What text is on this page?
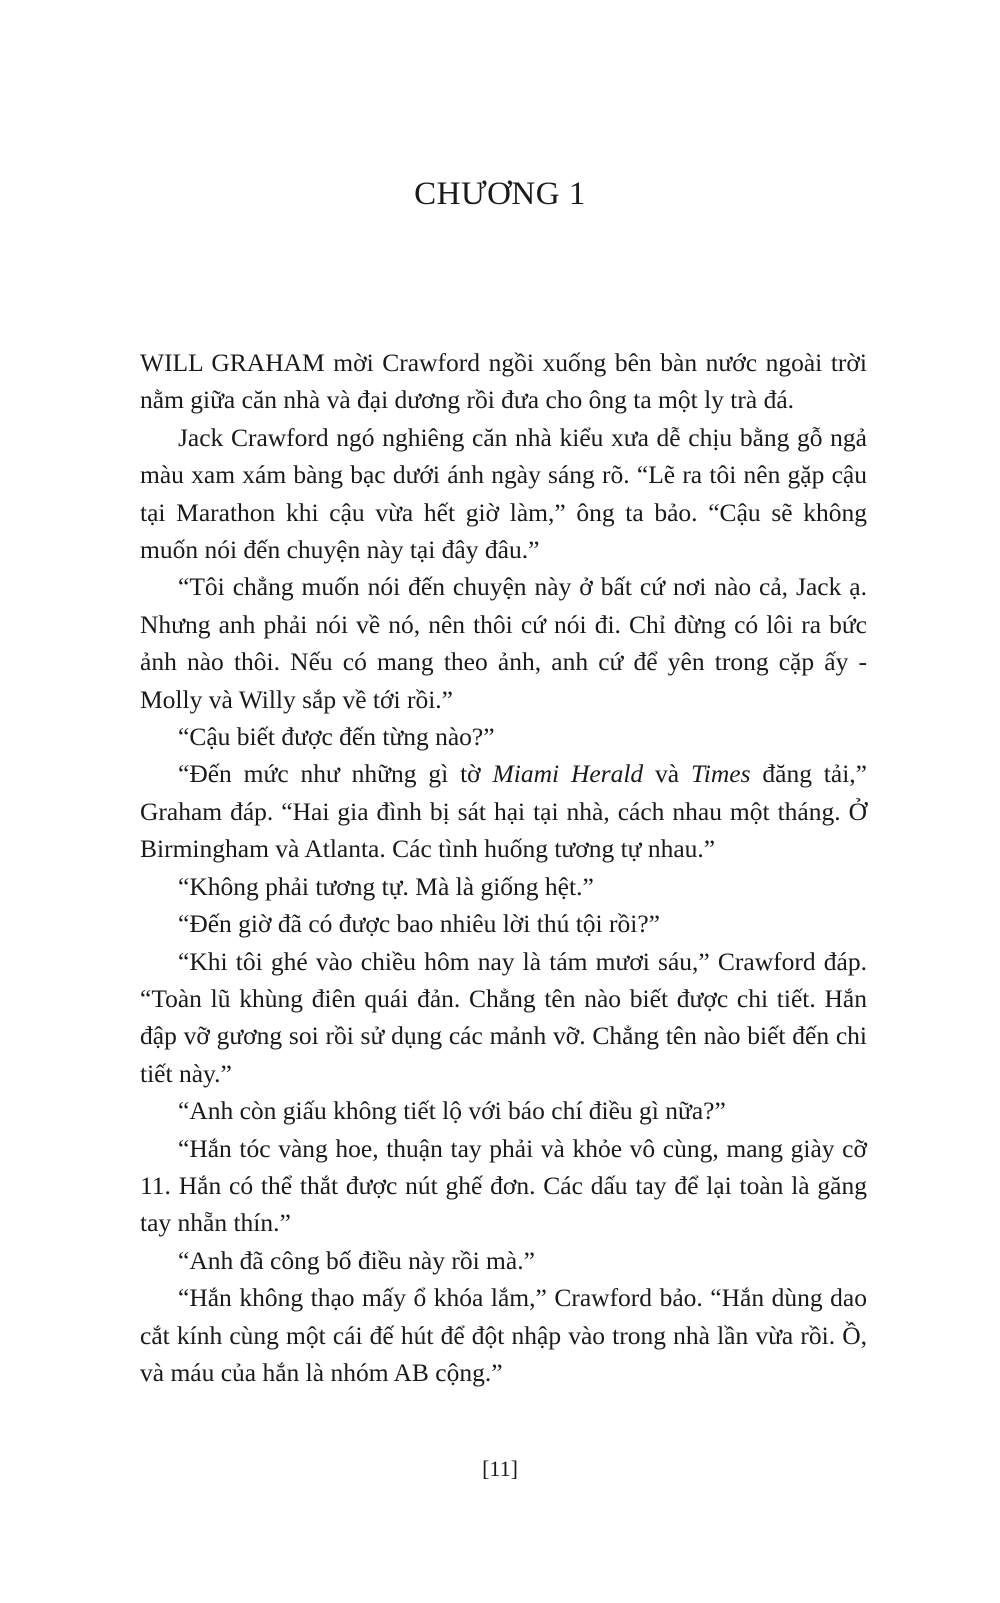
CHƯƠNG 1

WILL GRAHAM mời Crawford ngồi xuống bên bàn nước ngoài trời nằm giữa căn nhà và đại dương rồi đưa cho ông ta một ly trà đá.

Jack Crawford ngó nghiêng căn nhà kiểu xưa dễ chịu bằng gỗ ngả màu xam xám bàng bạc dưới ánh ngày sáng rõ. “Lẽ ra tôi nên gặp cậu tại Marathon khi cậu vừa hết giờ làm,” ông ta bảo. “Cậu sẽ không muốn nói đến chuyện này tại đây đâu.”

“Tôi chẳng muốn nói đến chuyện này ở bất cứ nơi nào cả, Jack ạ. Nhưng anh phải nói về nó, nên thôi cứ nói đi. Chỉ đừng có lôi ra bức ảnh nào thôi. Nếu có mang theo ảnh, anh cứ để yên trong cặp ấy - Molly và Willy sắp về tới rồi.”

“Cậu biết được đến từng nào?”

“Đến mức như những gì tờ Miami Herald và Times đăng tải,” Graham đáp. “Hai gia đình bị sát hại tại nhà, cách nhau một tháng. Ở Birmingham và Atlanta. Các tình huống tương tự nhau.”

“Không phải tương tự. Mà là giống hệt.”

“Đến giờ đã có được bao nhiêu lời thú tội rồi?”

“Khi tôi ghé vào chiều hôm nay là tám mươi sáu,” Crawford đáp. “Toàn lũ khùng điên quái đản. Chẳng tên nào biết được chi tiết. Hắn đập vỡ gương soi rồi sử dụng các mảnh vỡ. Chẳng tên nào biết đến chi tiết này.”

“Anh còn giấu không tiết lộ với báo chí điều gì nữa?”

“Hắn tóc vàng hoe, thuận tay phải và khỏe vô cùng, mang giày cỡ 11. Hắn có thể thắt được nút ghế đơn. Các dấu tay để lại toàn là găng tay nhẵn thín.”

“Anh đã công bố điều này rồi mà.”

“Hắn không thạo mấy ổ khóa lắm,” Crawford bảo. “Hắn dùng dao cắt kính cùng một cái đế hút để đột nhập vào trong nhà lần vừa rồi. Ồ, và máu của hắn là nhóm AB cộng.”

[11]
